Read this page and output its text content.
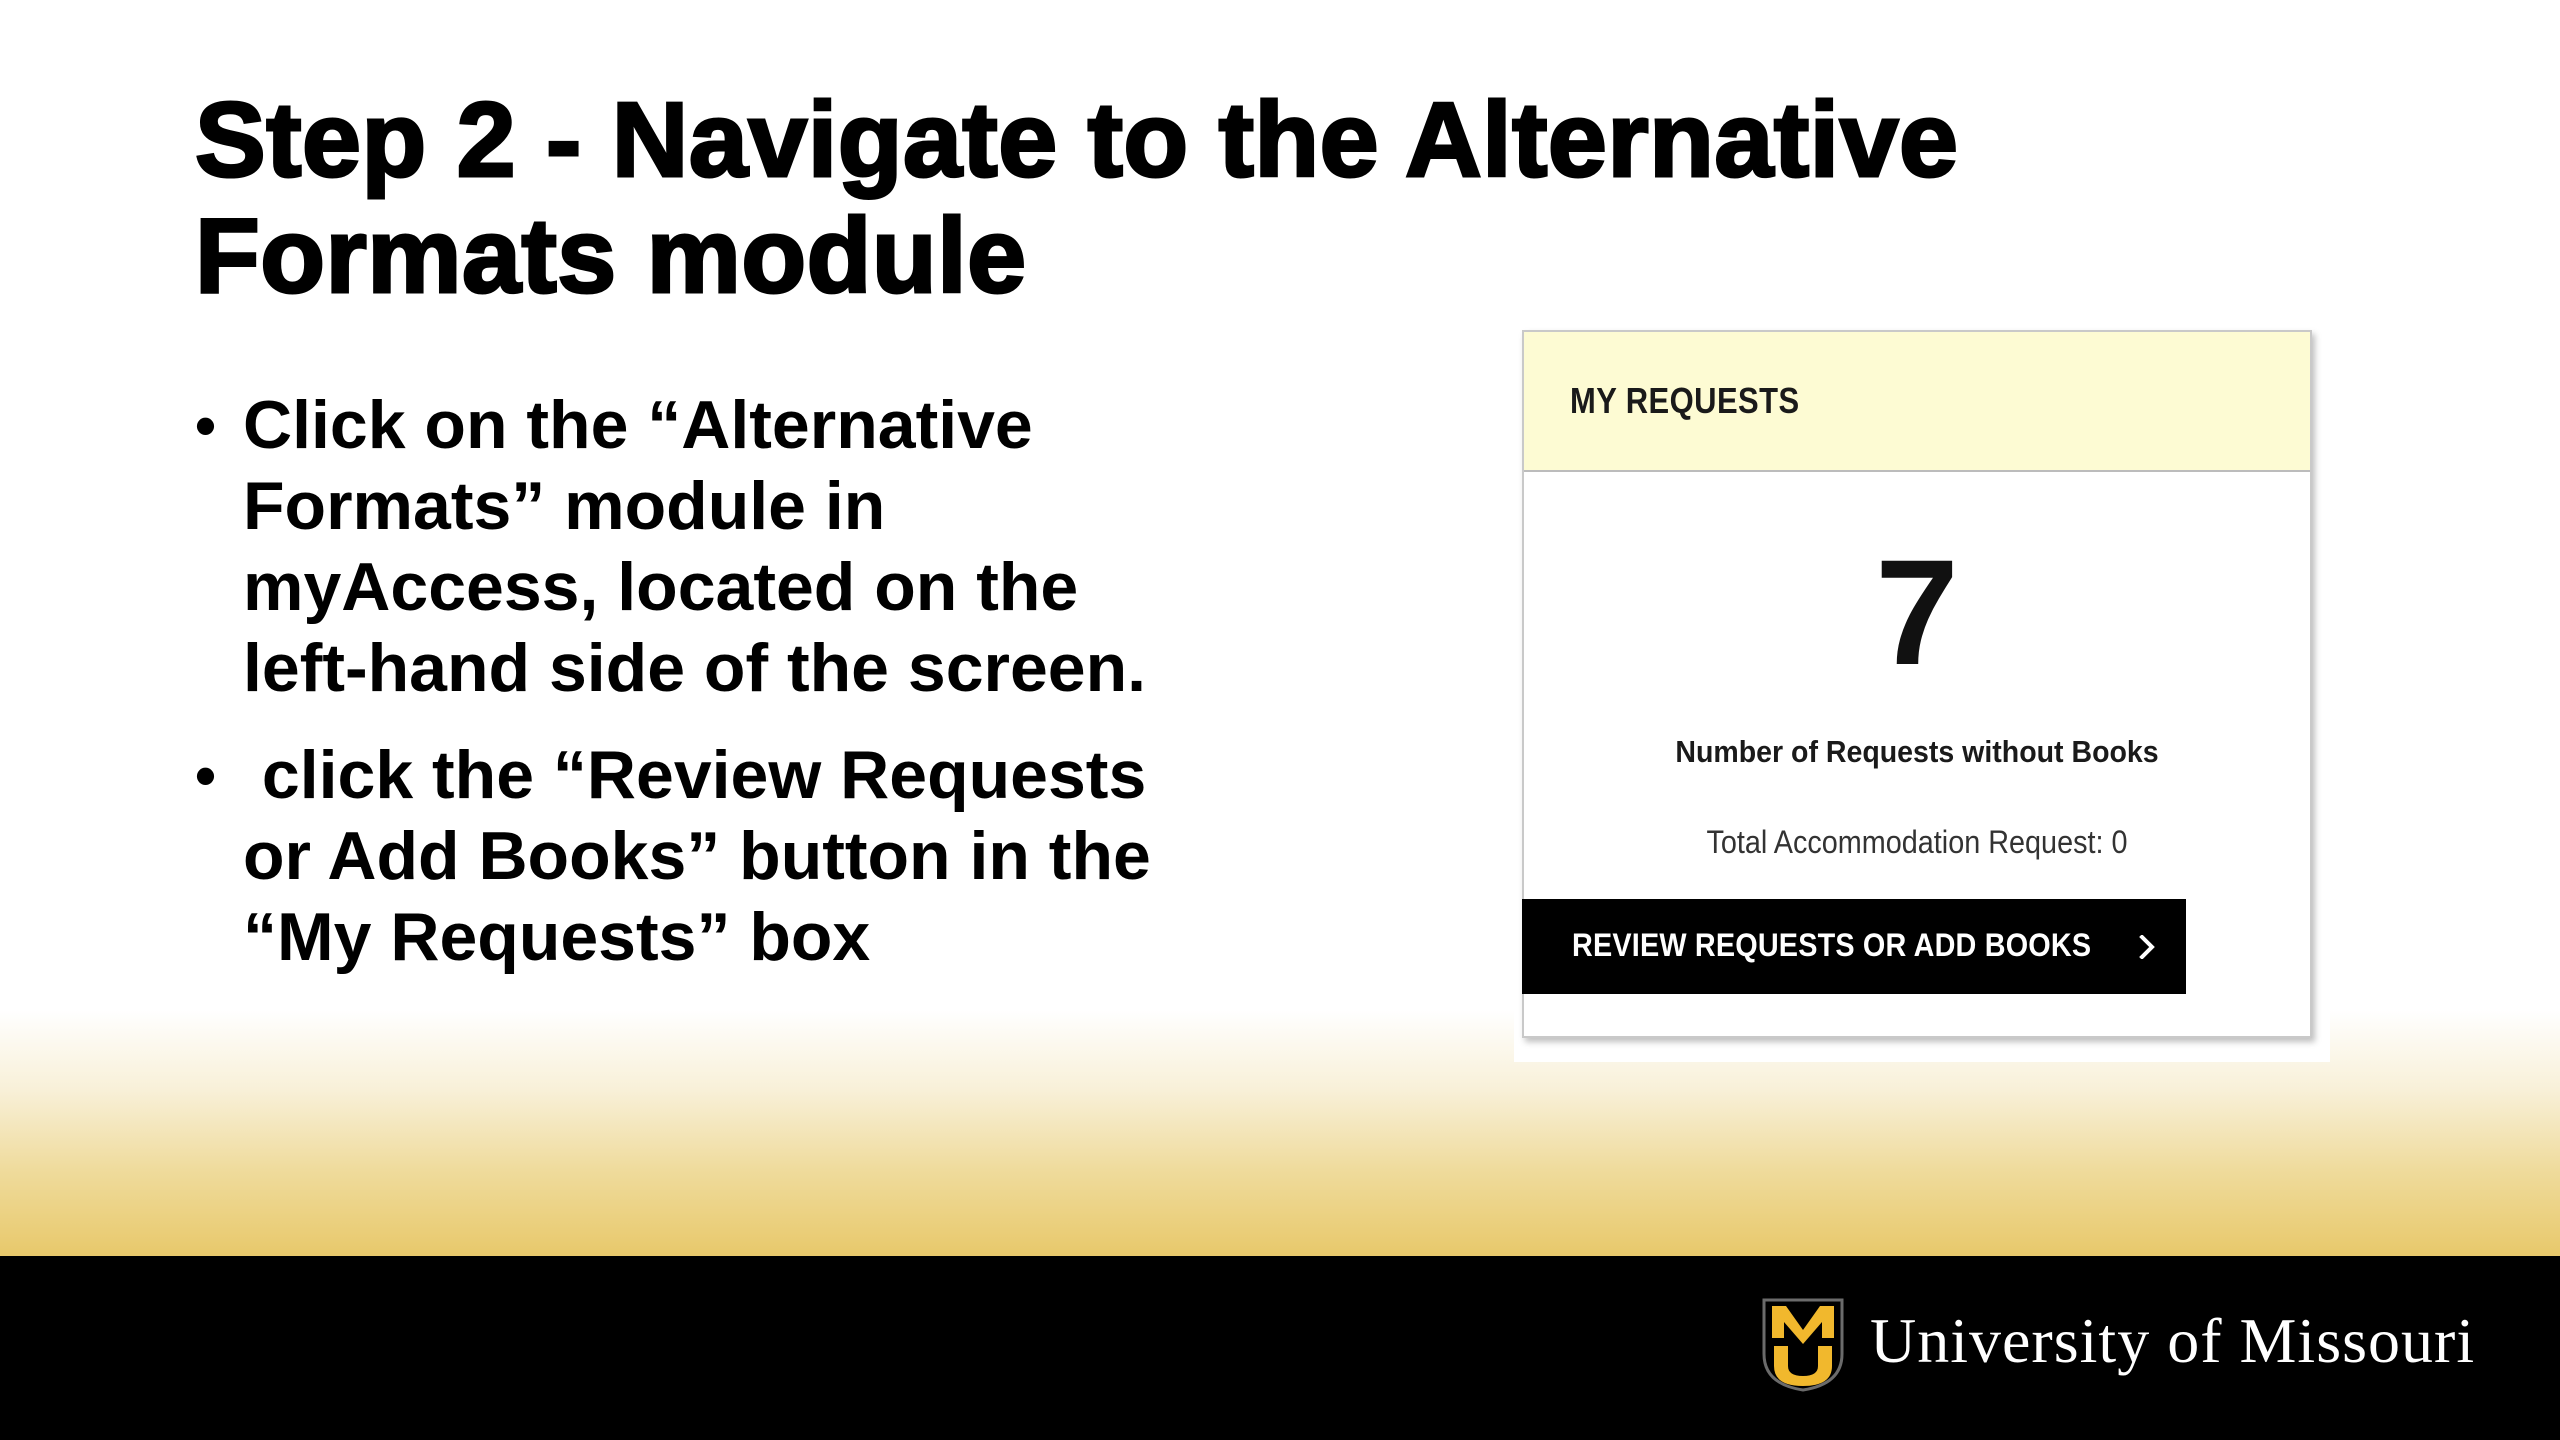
Step 2 - Navigate to the Alternative
Formats module
• Click on the “Alternative
Formats” module in
myAccess, located on the
left-hand side of the screen.
• click the “Review Requests
or Add Books” button in the
“My Requests” box
MY REQUESTS
7
Number of Requests without Books
Total Accommodation Request: 0
REVIEW REQUESTS OR ADD BOOKS
University of Missouri
